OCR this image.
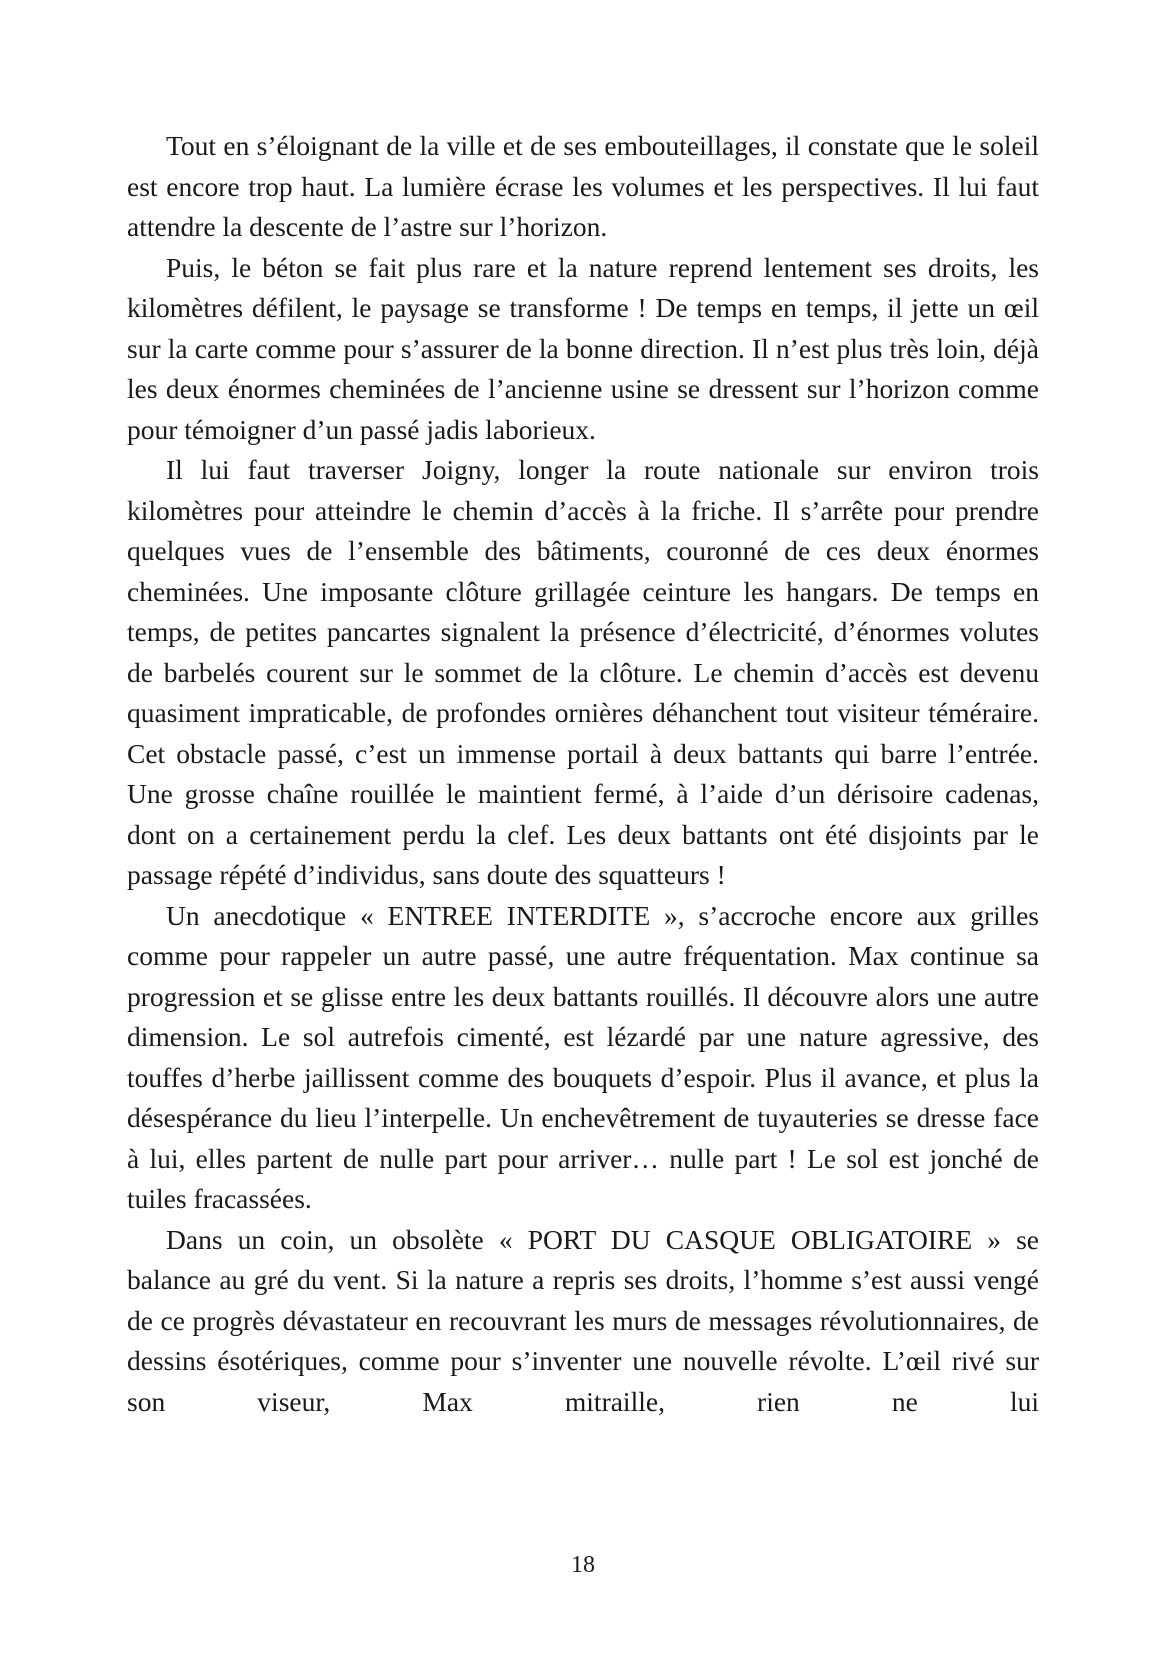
Tout en s’éloignant de la ville et de ses embouteillages, il constate que le soleil est encore trop haut. La lumière écrase les volumes et les perspectives. Il lui faut attendre la descente de l’astre sur l’horizon.

Puis, le béton se fait plus rare et la nature reprend lentement ses droits, les kilomètres défilent, le paysage se transforme ! De temps en temps, il jette un œil sur la carte comme pour s’assurer de la bonne direction. Il n’est plus très loin, déjà les deux énormes cheminées de l’ancienne usine se dressent sur l’horizon comme pour témoigner d’un passé jadis laborieux.

Il lui faut traverser Joigny, longer la route nationale sur environ trois kilomètres pour atteindre le chemin d’accès à la friche. Il s’arrête pour prendre quelques vues de l’ensemble des bâtiments, couronné de ces deux énormes cheminées. Une imposante clôture grillagée ceinture les hangars. De temps en temps, de petites pancartes signalent la présence d’électricité, d’énormes volutes de barbelés courent sur le sommet de la clôture. Le chemin d’accès est devenu quasiment impraticable, de profondes ornières déhanchent tout visiteur téméraire. Cet obstacle passé, c’est un immense portail à deux battants qui barre l’entrée. Une grosse chaîne rouillée le maintient fermé, à l’aide d’un dérisoire cadenas, dont on a certainement perdu la clef. Les deux battants ont été disjoints par le passage répété d’individus, sans doute des squatteurs !

Un anecdotique « ENTREE INTERDITE », s’accroche encore aux grilles comme pour rappeler un autre passé, une autre fréquentation. Max continue sa progression et se glisse entre les deux battants rouillés. Il découvre alors une autre dimension. Le sol autrefois cimenté, est lézardé par une nature agressive, des touffes d’herbe jaillissent comme des bouquets d’espoir. Plus il avance, et plus la désespérance du lieu l’interpelle. Un enchevêtrement de tuyauteries se dresse face à lui, elles partent de nulle part pour arriver… nulle part ! Le sol est jonché de tuiles fracassées.

Dans un coin, un obsolète « PORT DU CASQUE OBLIGATOIRE » se balance au gré du vent. Si la nature a repris ses droits, l’homme s’est aussi vengé de ce progrès dévastateur en recouvrant les murs de messages révolutionnaires, de dessins ésotériques, comme pour s’inventer une nouvelle révolte. L’œil rivé sur son viseur, Max mitraille, rien ne lui

18
